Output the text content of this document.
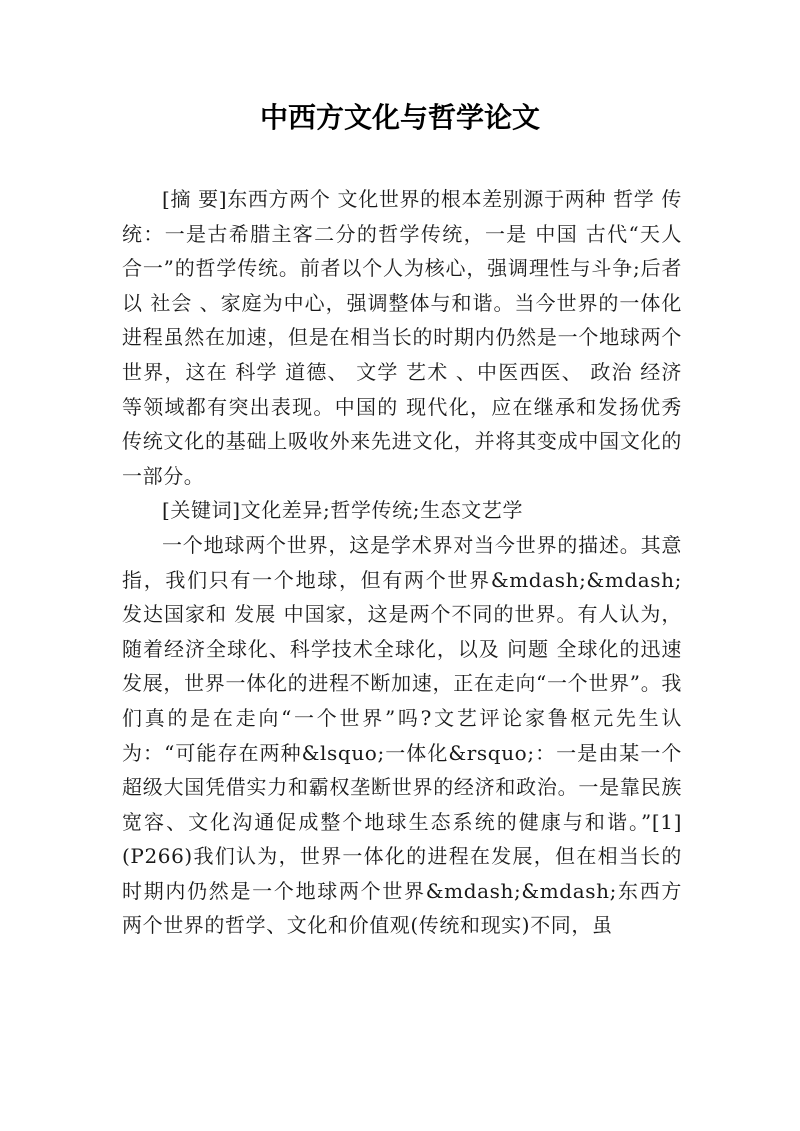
中西方文化与哲学论文

[摘 要]东西方两个 文化世界的根本差别源于两种 哲学 传统：一是古希腊主客二分的哲学传统，一是 中国 古代“天人合一”的哲学传统。前者以个人为核心，强调理性与斗争;后者以 社会 、家庭为中心，强调整体与和谐。当今世界的一体化进程虽然在加速，但是在相当长的时期内仍然是一个地球两个世界，这在 科学 道德、 文学 艺术 、中医西医、 政治 经济 等领域都有突出表现。中国的 现代化，应在继承和发扬优秀传统文化的基础上吸收外来先进文化，并将其变成中国文化的一部分。

[关键词]文化差异;哲学传统;生态文艺学

一个地球两个世界，这是学术界对当今世界的描述。其意指，我们只有一个地球，但有两个世界&mdash;&mdash;发达国家和 发展 中国家，这是两个不同的世界。有人认为，随着经济全球化、科学技术全球化，以及 问题 全球化的迅速发展，世界一体化的进程不断加速，正在走向“一个世界”。我们真的是在走向“一个世界”吗?文艺评论家鲁枢元先生认为：“可能存在两种&lsquo;一体化&rsquo;：一是由某一个超级大国凭借实力和霸权垄断世界的经济和政治。一是靠民族宽容、文化沟通促成整个地球生态系统的健康与和谐。”[1](P266)我们认为，世界一体化的进程在发展，但在相当长的时期内仍然是一个地球两个世界&mdash;&mdash;东西方两个世界的哲学、文化和价值观(传统和现实)不同，虽
